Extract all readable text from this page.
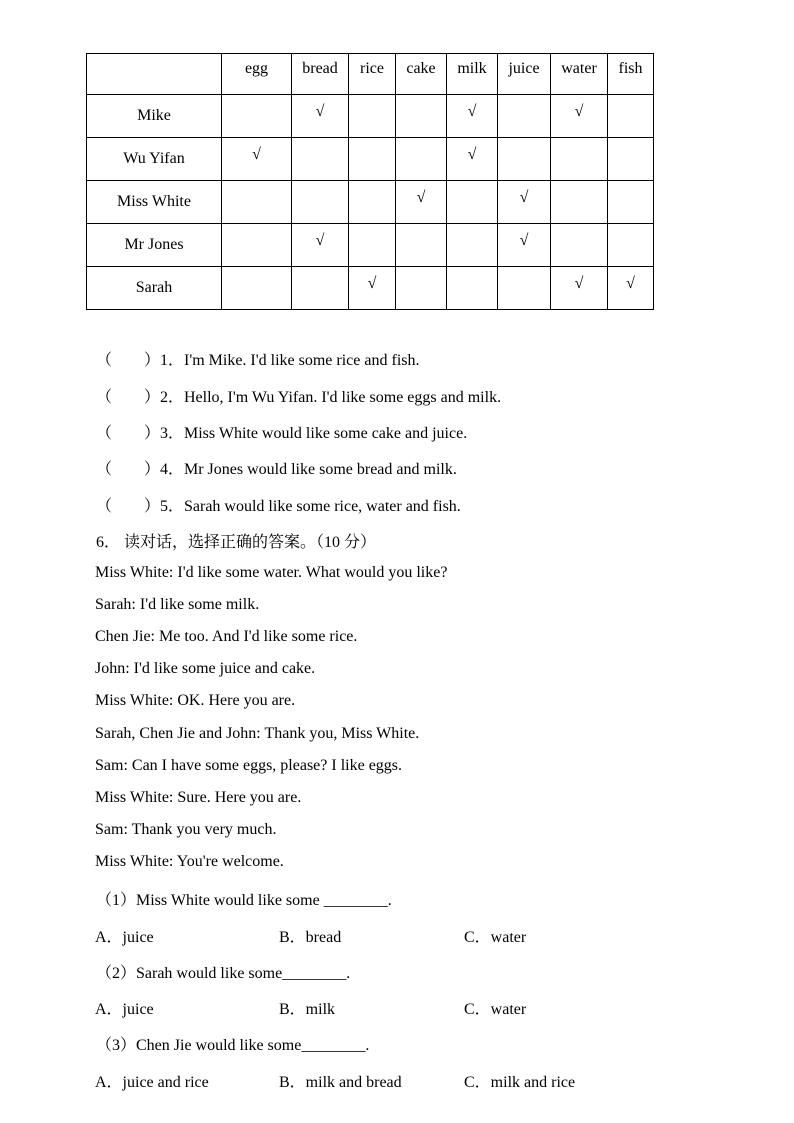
	egg	bread	rice	cake	milk	juice	water	fish
Mike		√			√		√	
Wu Yifan	√				√			
Miss White				√		√		
Mr Jones		√				√		
Sarah			√				√	√
（　　）1．I'm Mike. I'd like some rice and fish.
（　　）2．Hello, I'm Wu Yifan. I'd like some eggs and milk.
（　　）3．Miss White would like some cake and juice.
（　　）4．Mr Jones would like some bread and milk.
（　　）5．Sarah would like some rice, water and fish.
6． 读对话，选择正确的答案。（10 分）
Miss White: I'd like some water. What would you like?
Sarah: I'd like some milk.
Chen Jie: Me too. And I'd like some rice.
John: I'd like some juice and cake.
Miss White: OK. Here you are.
Sarah, Chen Jie and John: Thank you, Miss White.
Sam: Can I have some eggs, please? I like eggs.
Miss White: Sure. Here you are.
Sam: Thank you very much.
Miss White: You're welcome.
（1）Miss White would like some ________.
A．juice	B．bread	C．water
（2）Sarah would like some________.
A．juice	B．milk	C．water
（3）Chen Jie would like some________.
A．juice and rice	B．milk and bread	C．milk and rice
